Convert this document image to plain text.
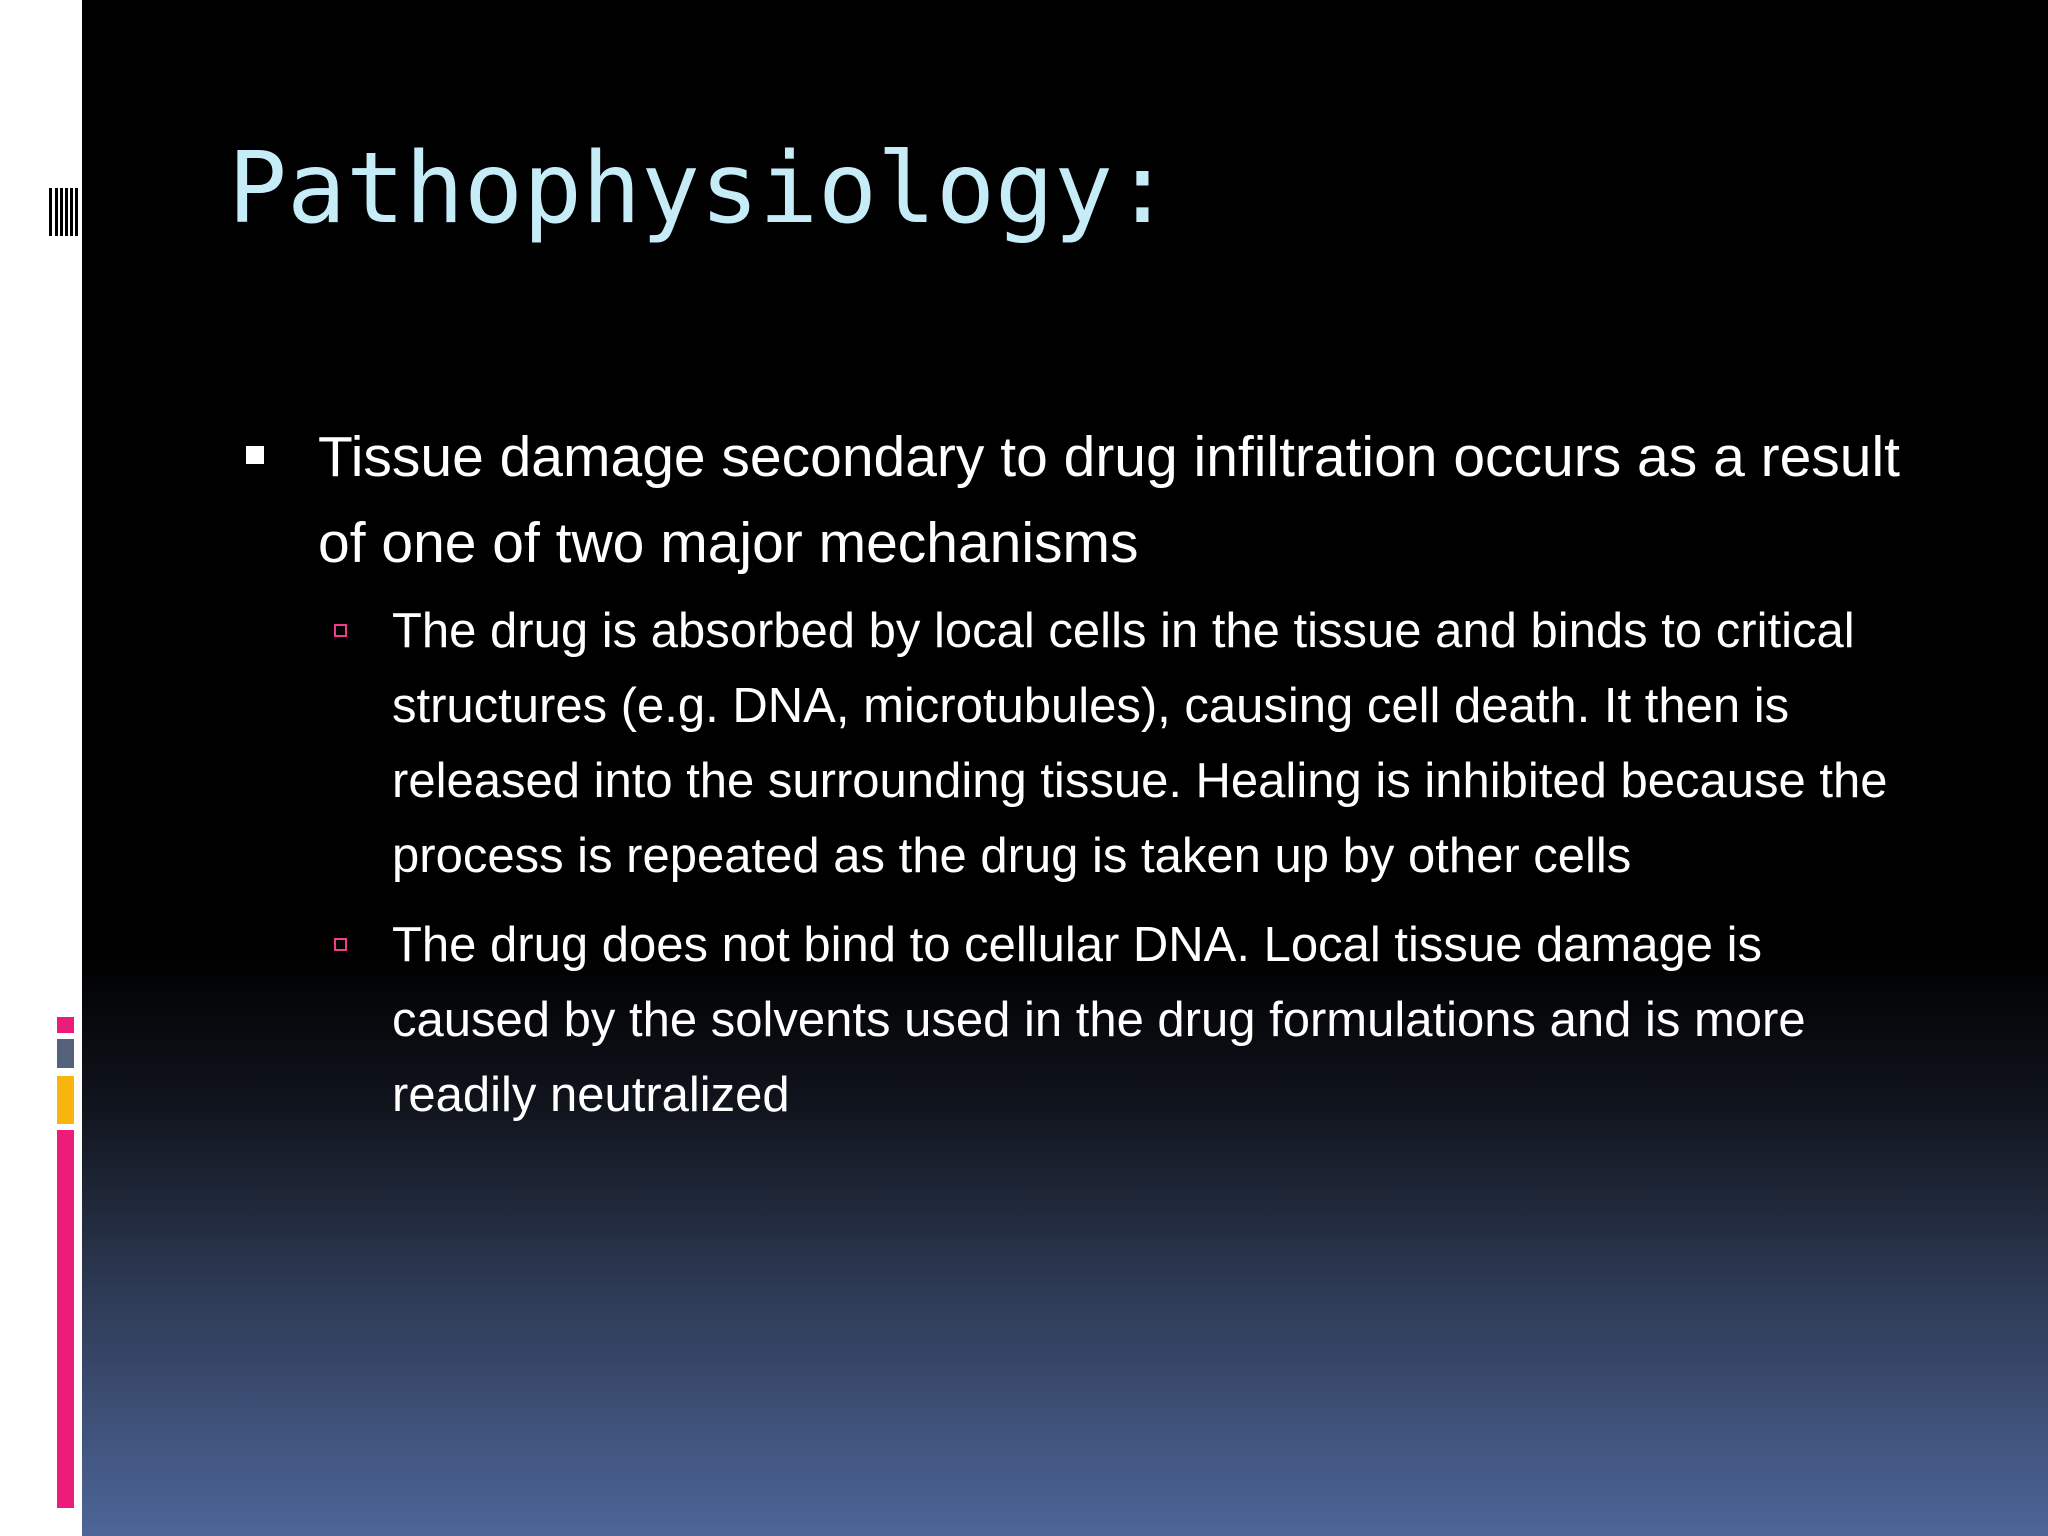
Pathophysiology:

Tissue damage secondary to drug infiltration occurs as a result of one of two major mechanisms

The drug is absorbed by local cells in the tissue and binds to critical structures (e.g. DNA, microtubules), causing cell death. It then is released into the surrounding tissue. Healing is inhibited because the process is repeated as the drug is taken up by other cells
The drug does not bind to cellular DNA. Local tissue damage is caused by the solvents used in the drug formulations and is more readily neutralized
